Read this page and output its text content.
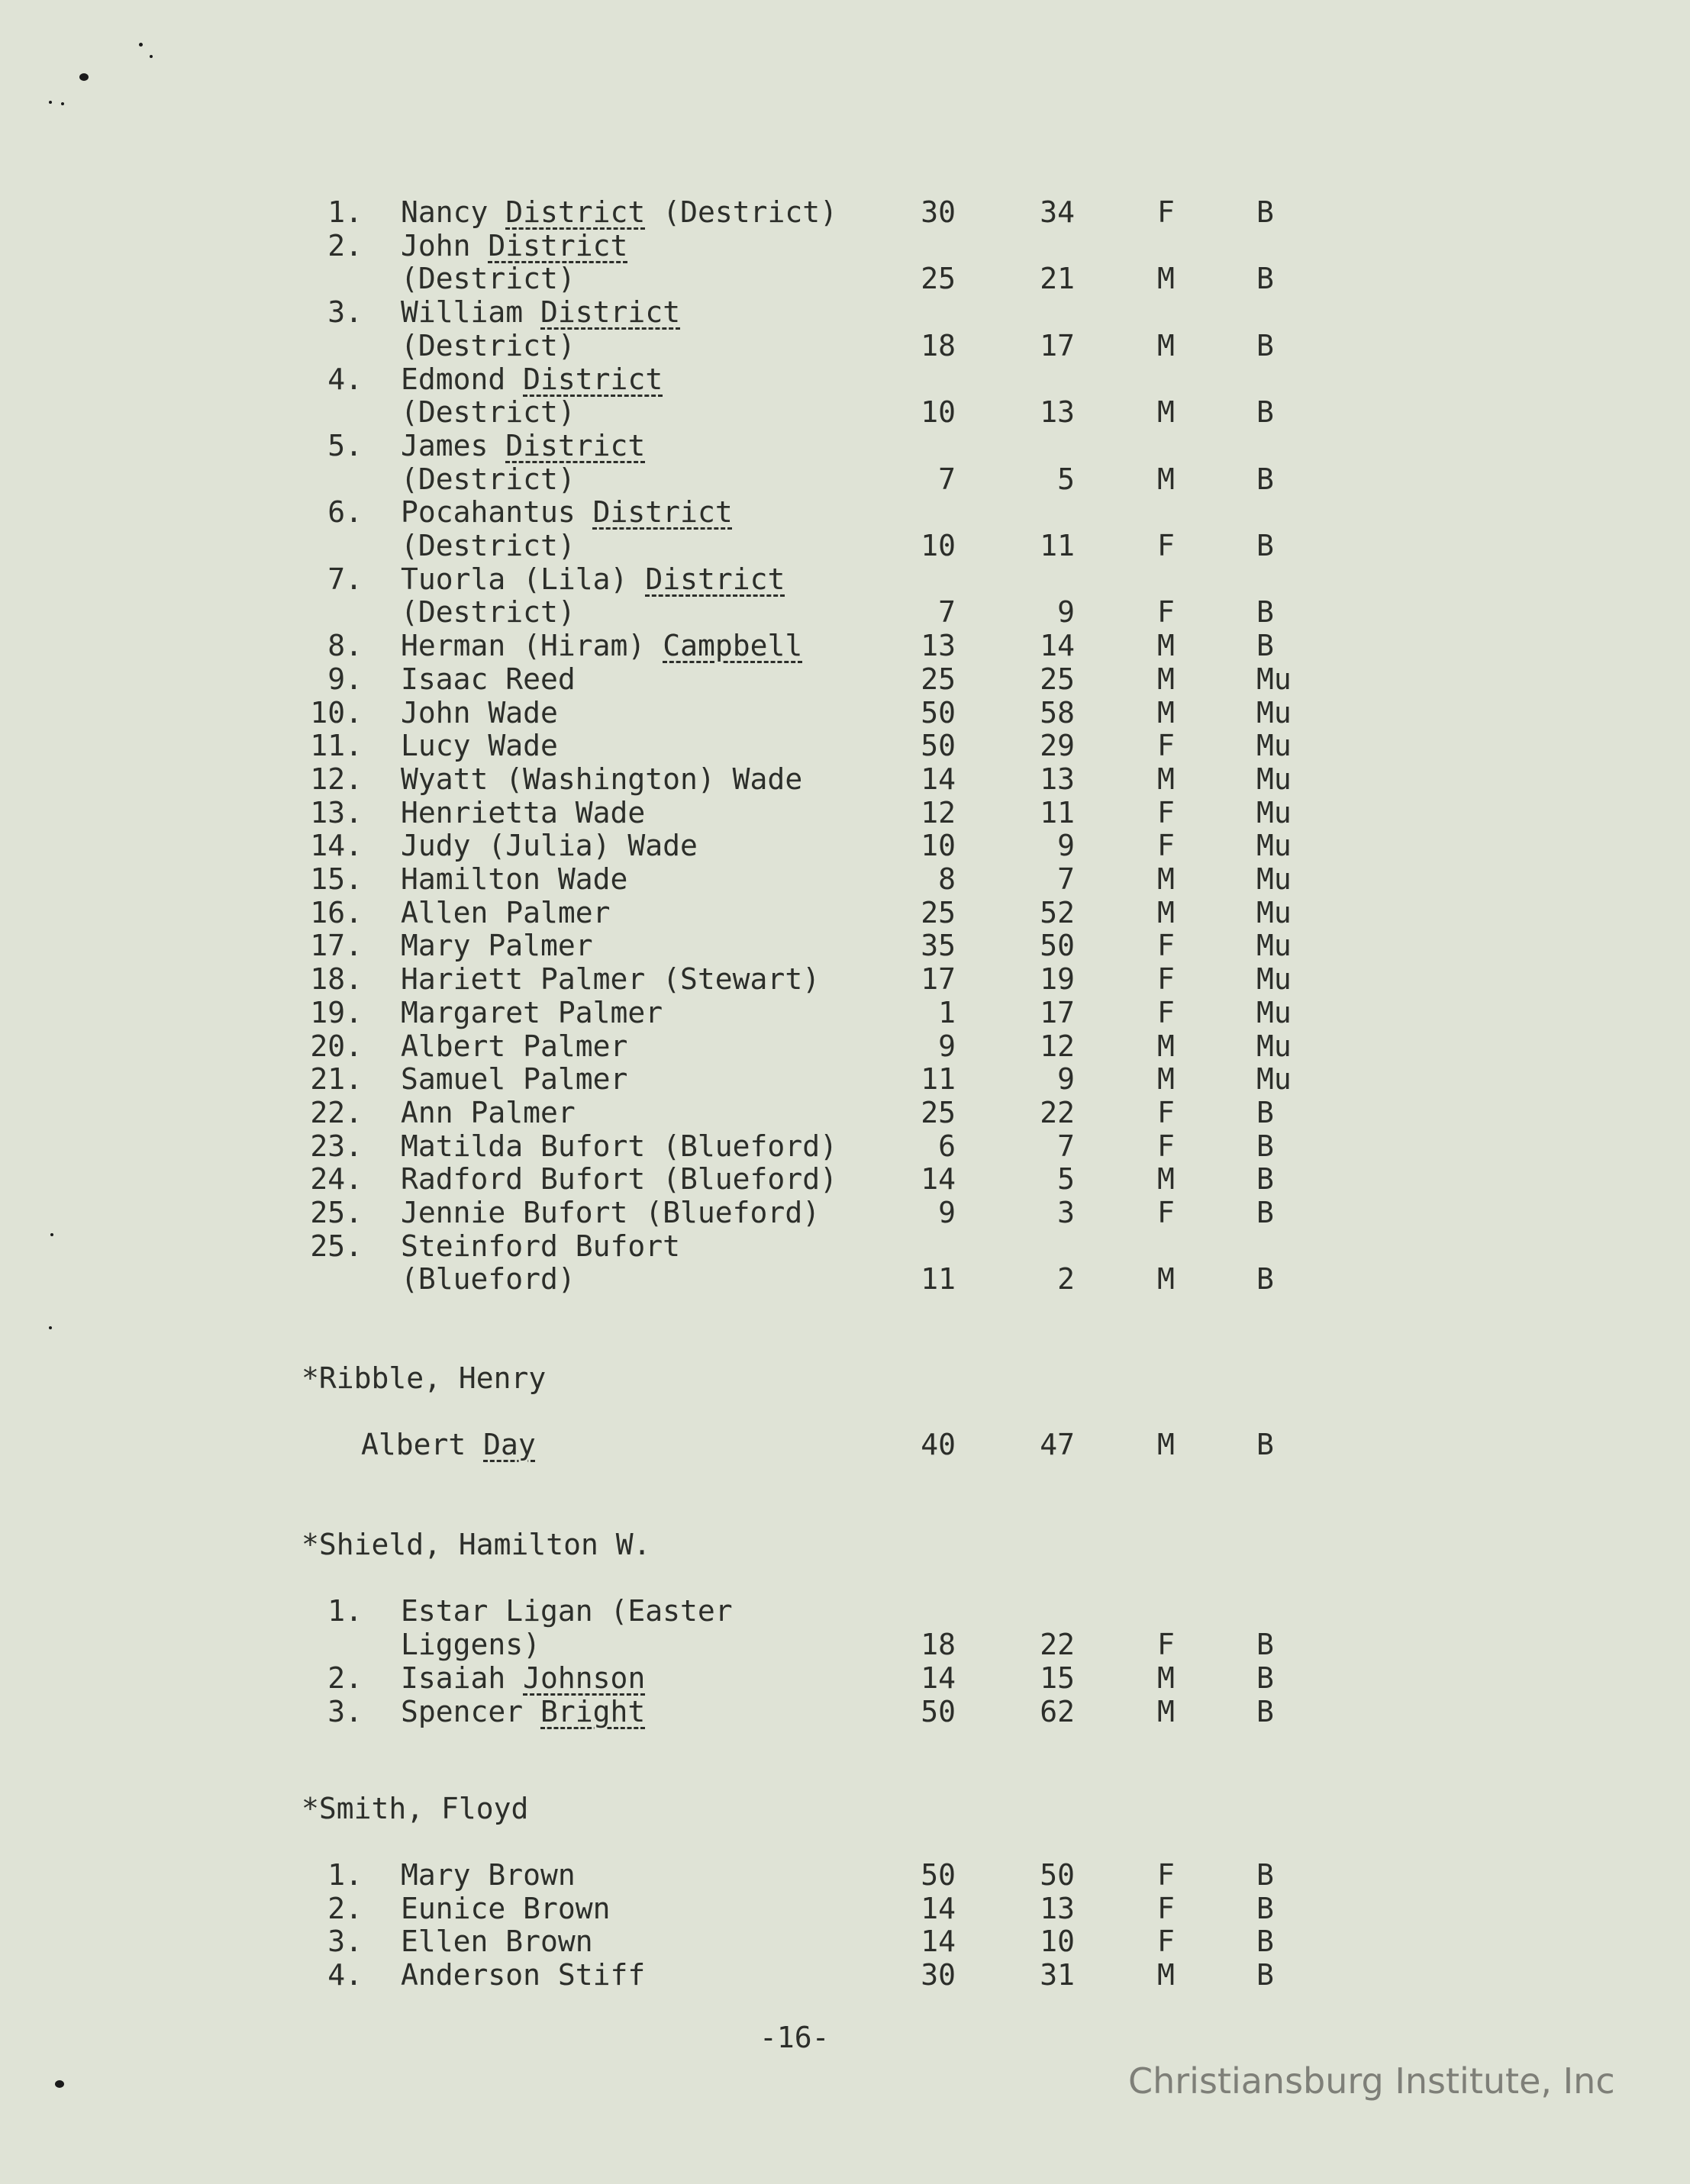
-16-
Christiansburg Institute, Inc
1. Nancy District (Destrict)	30	34	F	B
2. John District
(Destrict)	25	21	M	B
3. William District
(Destrict)	18	17	M	B
4. Edmond District
(Destrict)	10	13	M	B
5. James District
(Destrict)	7	5	M	B
6. Pocahantus District
(Destrict)	10	11	F	B
7. Tuorla (Lila) District
(Destrict)	7	9	F	B
8. Herman (Hiram) Campbell	13	14	M	B
9. Isaac Reed	25	25	M	Mu
10. John Wade	50	58	M	Mu
11. Lucy Wade	50	29	F	Mu
12. Wyatt (Washington) Wade	14	13	M	Mu
13. Henrietta Wade	12	11	F	Mu
14. Judy (Julia) Wade	10	9	F	Mu
15. Hamilton Wade	8	7	M	Mu
16. Allen Palmer	25	52	M	Mu
17. Mary Palmer	35	50	F	Mu
18. Hariett Palmer (Stewart)	17	19	F	Mu
19. Margaret Palmer	1	17	F	Mu
20. Albert Palmer	9	12	M	Mu
21. Samuel Palmer	11	9	M	Mu
22. Ann Palmer	25	22	F	B
23. Matilda Bufort (Blueford)	6	7	F	B
24. Radford Bufort (Blueford)	14	5	M	B
25. Jennie Bufort (Blueford)	9	3	F	B
25. Steinford Bufort
(Blueford)	11	2	M	B
*Ribble, Henry
Albert Day	40	47	M	B
*Shield, Hamilton W.
1. Estar Ligan (Easter
Liggens)	18	22	F	B
2. Isaiah Johnson	14	15	M	B
3. Spencer Bright	50	62	M	B
*Smith, Floyd
1. Mary Brown	50	50	F	B
2. Eunice Brown	14	13	F	B
3. Ellen Brown	14	10	F	B
4. Anderson Stiff	30	31	M	B
